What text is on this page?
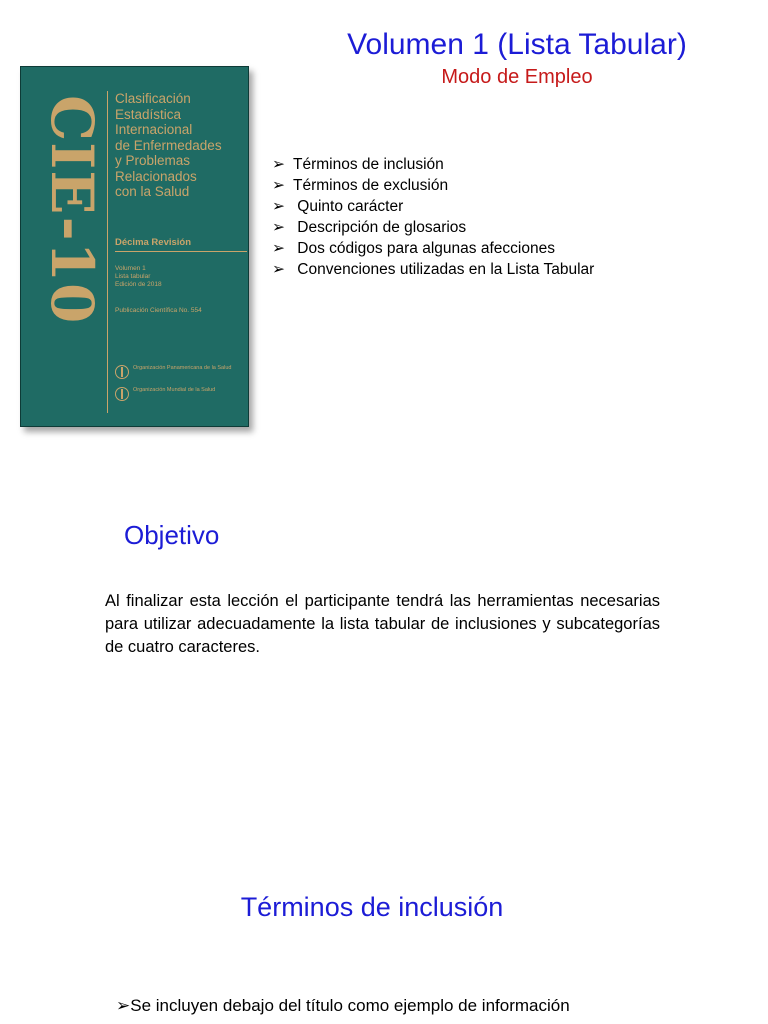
CIE-10 Clasificación
Estadística
Internacional
de Enfermedades
y Problemas
Relacionados
con la Salud
Décima Revisión
Volumen 1
Lista tabular
Edición de 2018
Publicación Científica No. 554
Organización Panamericana de la Salud
Organización Mundial de la Salud
Volumen 1 (Lista Tabular)
Modo de Empleo
➢ Términos de inclusión
➢ Términos de exclusión
➢ Quinto carácter
➢ Descripción de glosarios
➢ Dos códigos para algunas afecciones
➢ Convenciones utilizadas en la Lista Tabular
Objetivo
Al finalizar esta lección el participante tendrá las herramientas necesarias para utilizar adecuadamente la lista tabular de inclusiones y subcategorías de cuatro caracteres.
Términos de inclusión
➢Se incluyen debajo del título como ejemplo de información
